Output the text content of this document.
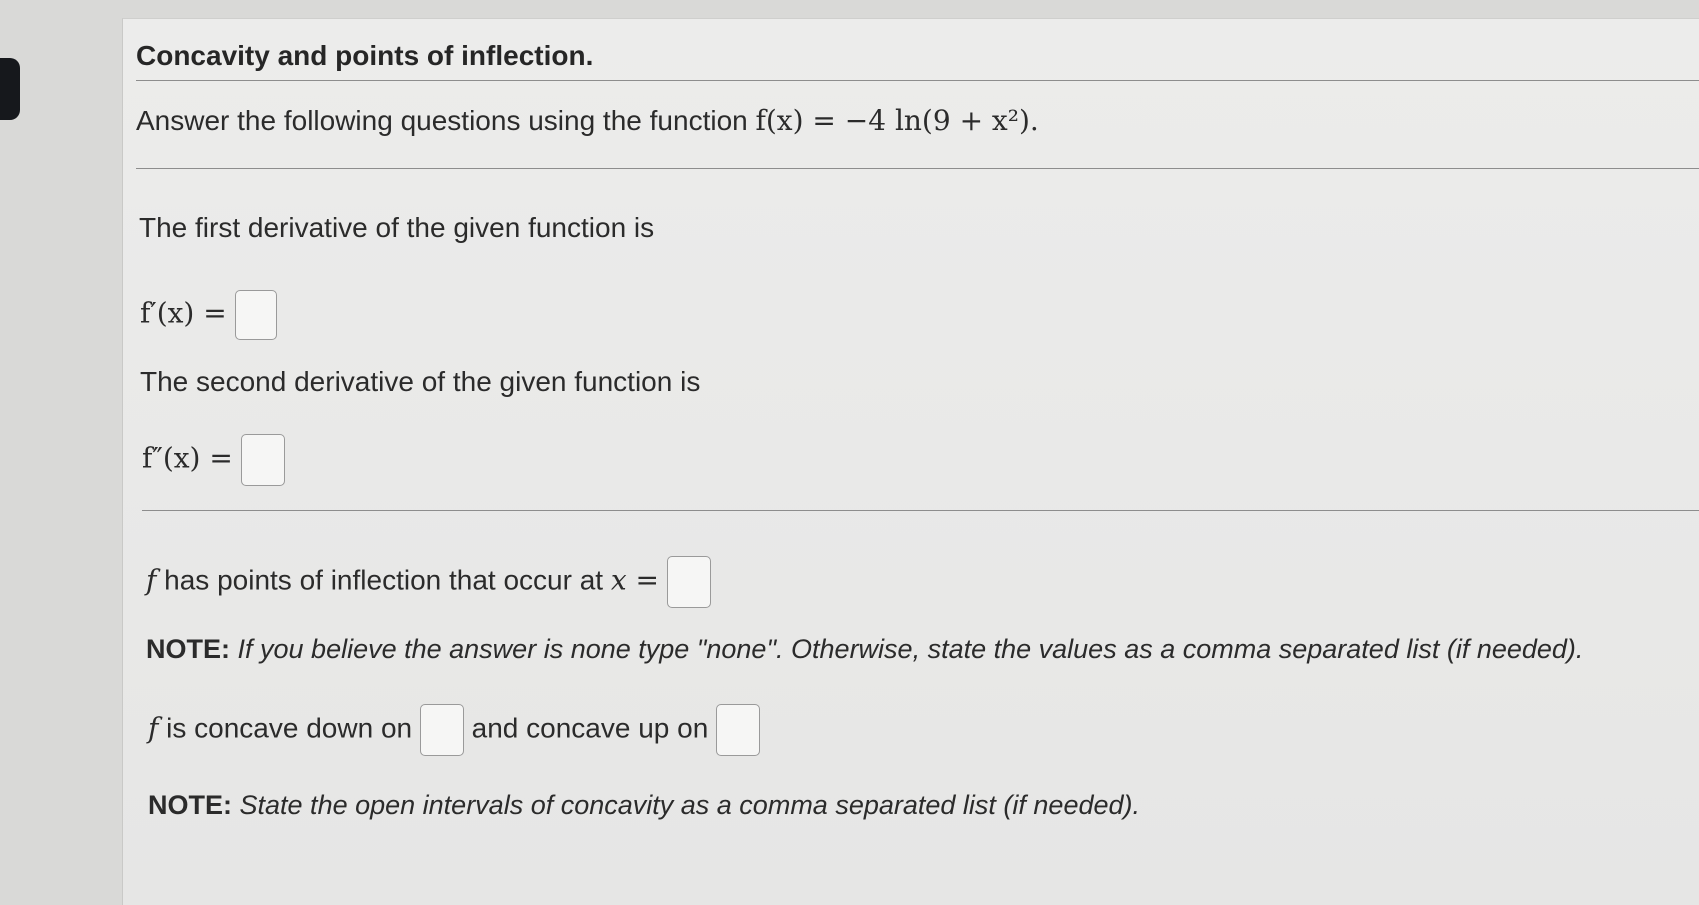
Concavity and points of inflection.
Answer the following questions using the function f(x) = −4 ln(9 + x²).
The first derivative of the given function is
f′(x) =
The second derivative of the given function is
f″(x) =
f has points of inflection that occur at x =
NOTE: If you believe the answer is none type "none". Otherwise, state the values as a comma separated list (if needed).
f is concave down on and concave up on
NOTE: State the open intervals of concavity as a comma separated list (if needed).
